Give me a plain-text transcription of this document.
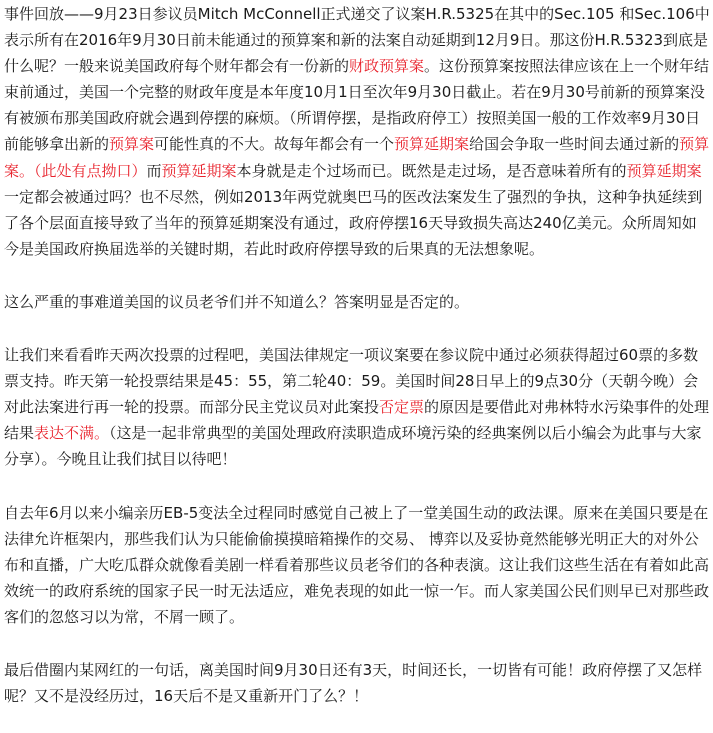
事件回放——9月23日参议员Mitch McConnell正式递交了议案H.R.5325在其中的Sec.105 和Sec.106中表示所有在2016年9月30日前未能通过的预算案和新的法案自动延期到12月9日。那这份H.R.5323到底是什么呢？一般来说美国政府每个财年都会有一份新的财政预算案。这份预算案按照法律应该在上一个财年结束前通过，美国一个完整的财政年度是本年度10月1日至次年9月30日截止。若在9月30号前新的预算案没有被颁布那美国政府就会遇到停摆的麻烦。（所谓停摆，是指政府停工）按照美国一般的工作效率9月30日前能够拿出新的预算案可能性真的不大。故每年都会有一个预算延期案给国会争取一些时间去通过新的预算案。（此处有点拗口）而预算延期案本身就是走个过场而已。既然是走过场，是否意味着所有的预算延期案一定都会被通过吗？也不尽然，例如2013年两党就奥巴马的医改法案发生了强烈的争执，这种争执延续到了各个层面直接导致了当年的预算延期案没有通过，政府停摆16天导致损失高达240亿美元。众所周知如今是美国政府换届选举的关键时期，若此时政府停摆导致的后果真的无法想象呢。

这么严重的事难道美国的议员老爷们并不知道么？答案明显是否定的。

让我们来看看昨天两次投票的过程吧，美国法律规定一项议案要在参议院中通过必须获得超过60票的多数票支持。昨天第一轮投票结果是45：55，第二轮40：59。美国时间28日早上的9点30分（天朝今晚）会对此法案进行再一轮的投票。而部分民主党议员对此案投否定票的原因是要借此对弗林特水污染事件的处理结果表达不满。（这是一起非常典型的美国处理政府渎职造成环境污染的经典案例以后小编会为此事与大家分享）。今晚且让我们拭目以待吧！

自去年6月以来小编亲历EB-5变法全过程同时感觉自己被上了一堂美国生动的政法课。原来在美国只要是在法律允许框架内，那些我们认为只能偷偷摸摸暗箱操作的交易、 博弈以及妥协竟然能够光明正大的对外公布和直播，广大吃瓜群众就像看美剧一样看着那些议员老爷们的各种表演。这让我们这些生活在有着如此高效统一的政府系统的国家子民一时无法适应，难免表现的如此一惊一乍。而人家美国公民们则早已对那些政客们的忽悠习以为常，不屑一顾了。

最后借圈内某网红的一句话，离美国时间9月30日还有3天，时间还长，一切皆有可能！政府停摆了又怎样呢？又不是没经历过，16天后不是又重新开门了么？！
